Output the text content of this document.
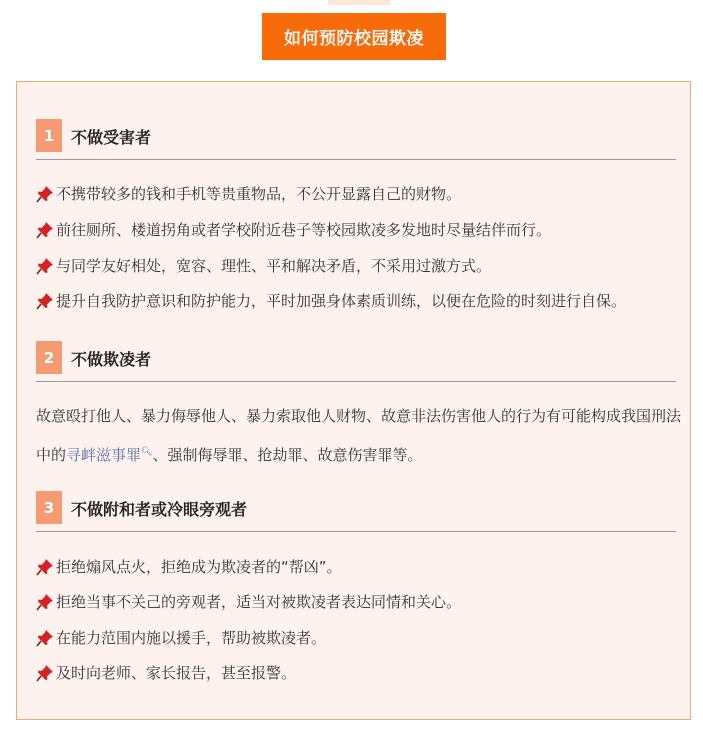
如何预防校园欺凌
1	不做受害者
不携带较多的钱和手机等贵重物品，不公开显露自己的财物。
前往厕所、楼道拐角或者学校附近巷子等校园欺凌多发地时尽量结伴而行。
与同学友好相处，宽容、理性、平和解决矛盾，不采用过激方式。
提升自我防护意识和防护能力，平时加强身体素质训练，以便在危险的时刻进行自保。
2	不做欺凌者
故意殴打他人、暴力侮辱他人、暴力索取他人财物、故意非法伤害他人的行为有可能构成我国刑法中的寻衅滋事罪🔍︎、强制侮辱罪、抢劫罪、故意伤害罪等。
3	不做附和者或冷眼旁观者
拒绝煽风点火，拒绝成为欺凌者的“帮凶”。
拒绝当事不关己的旁观者，适当对被欺凌者表达同情和关心。
在能力范围内施以援手，帮助被欺凌者。
及时向老师、家长报告，甚至报警。
